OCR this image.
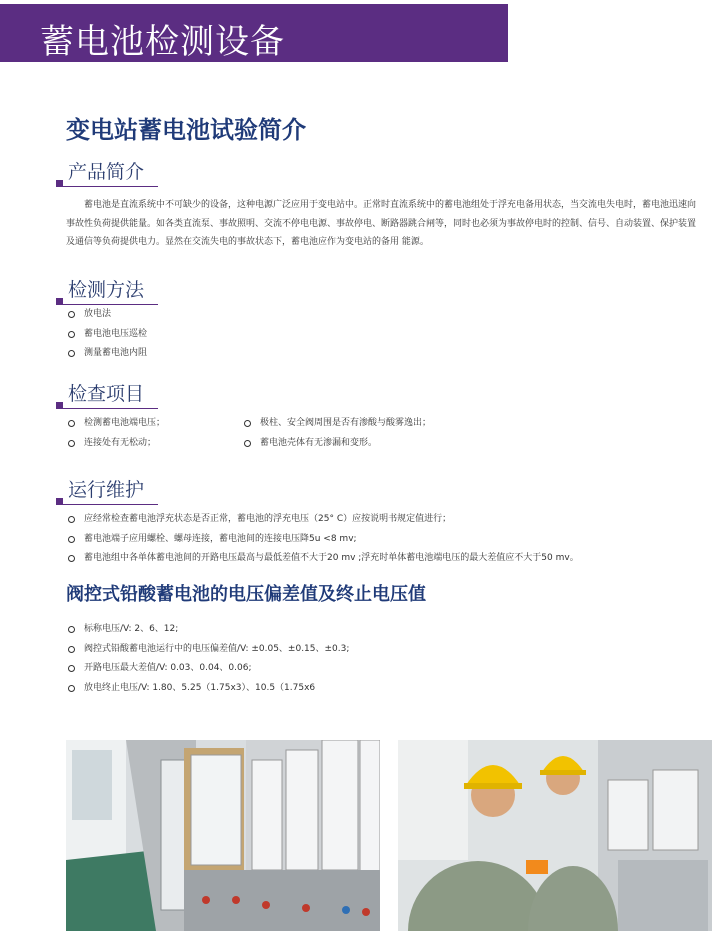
蓄电池检测设备
变电站蓄电池试验简介
产品简介

蓄电池是直流系统中不可缺少的设备，这种电源广泛应用于变电站中。正常时直流系统中的蓄电池组处于浮充电备用状态，当交流电失电时，蓄电池迅速向事故性负荷提供能量。如各类直流泵、事故照明、交流不停电电源、事故停电、断路器跳合闸等，同时也必须为事故停电时的控制、信号、自动装置、保护装置及通信等负荷提供电力。显然在交流失电的事故状态下，蓄电池应作为变电站的备用 能源。

检测方法
放电法
蓄电池电压巡检
测量蓄电池内阻
检查项目
检测蓄电池端电压；
连接处有无松动；
极柱、安全阀周围是否有渗酸与酸雾逸出；
蓄电池壳体有无渗漏和变形。
运行维护
应经常检查蓄电池浮充状态是否正常，蓄电池的浮充电压（25° C）应按说明书规定值进行；
蓄电池端子应用螺栓、螺母连接，蓄电池间的连接电压降5u <8 mv;
蓄电池组中各单体蓄电池间的开路电压最高与最低差值不大于20 mv ;浮充时单体蓄电池端电压的最大差值应不大于50 mv。
阀控式铅酸蓄电池的电压偏差值及终止电压值
标称电压/V: 2、6、12;
阀控式铅酸蓄电池运行中的电压偏差值/V: ±0.05、±0.15、±0.3;
开路电压最大差值/V: 0.03、0.04、0.06;
放电终止电压/V: 1.80、5.25（1.75x3）、10.5（1.75x6
